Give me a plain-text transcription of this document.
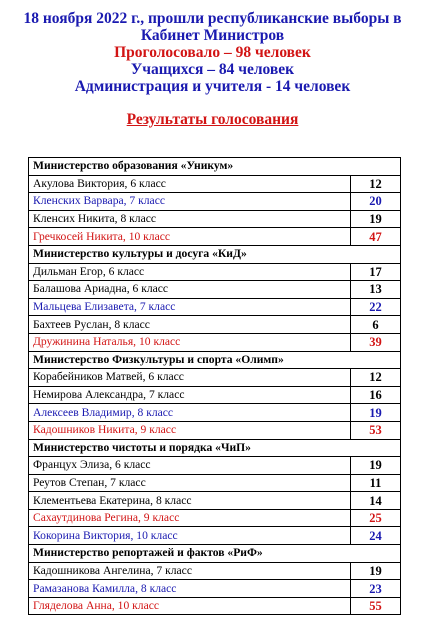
18 ноября 2022 г., прошли республиканские выборы в
Кабинет Министров
Проголосовало – 98 человек
Учащихся – 84 человек
Администрация и учителя - 14 человек
Результаты голосования
Министерство образования «Уникум»	
Акулова Виктория, 6 класс	12
Кленских Варвара, 7 класс	20
Кленсих Никита, 8 класс	19
Гречкосей Никита, 10 класс	47
Министерство культуры и досуга «КиД»	
Дильман Егор, 6 класс	17
Балашова Ариадна, 6 класс	13
Мальцева Елизавета, 7 класс	22
Бахтеев Руслан, 8 класс	6
Дружинина Наталья, 10 класс	39
Министерство Физкультуры и спорта «Олимп»	
Корабейников Матвей, 6 класс	12
Немирова Александра, 7 класс	16
Алексеев Владимир, 8 класс	19
Кадошников Никита, 9 класс	53
Министерство чистоты и порядка «ЧиП»	
Францух Элиза, 6 класс	19
Реутов Степан, 7 класс	11
Клементьева Екатерина, 8 класс	14
Сахаутдинова Регина, 9 класс	25
Кокорина Виктория, 10 класс	24
Министерство репортажей и фактов «РиФ»	
Кадошникова Ангелина, 7 класс	19
Рамазанова Камилла, 8 класс	23
Гляделова Анна, 10 класс	55
